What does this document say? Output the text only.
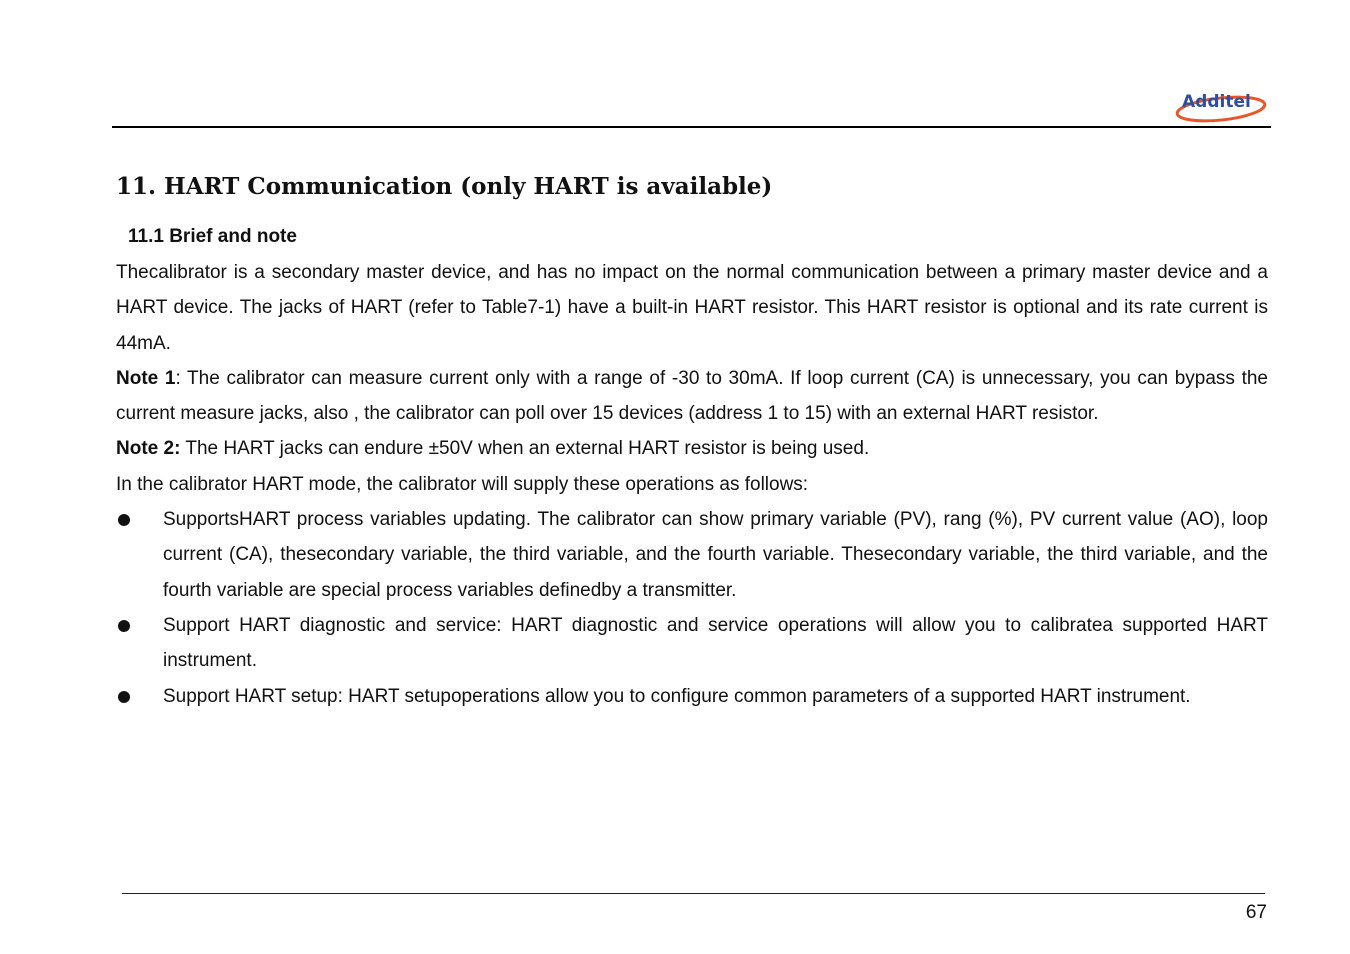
Additel
11. HART Communication (only HART is available)
11.1 Brief and note

Thecalibrator is a secondary master device, and has no impact on the normal communication between a primary master device and a HART device. The jacks of HART (refer to Table7-1) have a built-in HART resistor. This HART resistor is optional and its rate current is 44mA.

Note 1: The calibrator can measure current only with a range of -30 to 30mA. If loop current (CA) is unnecessary, you can bypass the current measure jacks, also , the calibrator can poll over 15 devices (address 1 to 15) with an external HART resistor.

Note 2: The HART jacks can endure ±50V when an external HART resistor is being used.

In the calibrator HART mode, the calibrator will supply these operations as follows:

SupportsHART process variables updating. The calibrator can show primary variable (PV), rang (%), PV current value (AO), loop current (CA), thesecondary variable, the third variable, and the fourth variable. Thesecondary variable, the third variable, and the fourth variable are special process variables definedby a transmitter.
Support HART diagnostic and service: HART diagnostic and service operations will allow you to calibratea supported HART instrument.
Support HART setup: HART setupoperations allow you to configure common parameters of a supported HART instrument.
67
